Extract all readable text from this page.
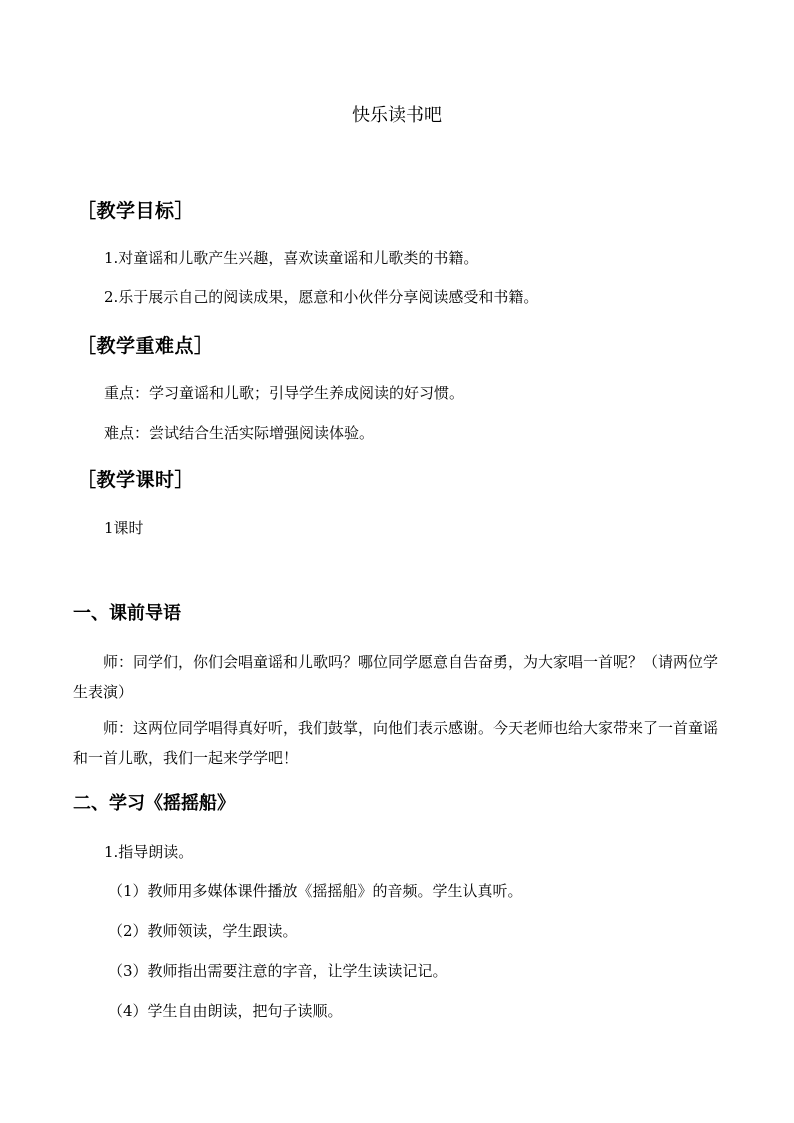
快乐读书吧
［教学目标］
1.对童谣和儿歌产生兴趣，喜欢读童谣和儿歌类的书籍。
2.乐于展示自己的阅读成果，愿意和小伙伴分享阅读感受和书籍。
［教学重难点］
重点：学习童谣和儿歌；引导学生养成阅读的好习惯。
难点：尝试结合生活实际增强阅读体验。
［教学课时］
1课时
一、课前导语
师：同学们，你们会唱童谣和儿歌吗？哪位同学愿意自告奋勇，为大家唱一首呢？（请两位学生表演）
师：这两位同学唱得真好听，我们鼓掌，向他们表示感谢。今天老师也给大家带来了一首童谣和一首儿歌，我们一起来学学吧！
二、学习《摇摇船》
1.指导朗读。
（1）教师用多媒体课件播放《摇摇船》的音频。学生认真听。
（2）教师领读，学生跟读。
（3）教师指出需要注意的字音，让学生读读记记。
（4）学生自由朗读，把句子读顺。
